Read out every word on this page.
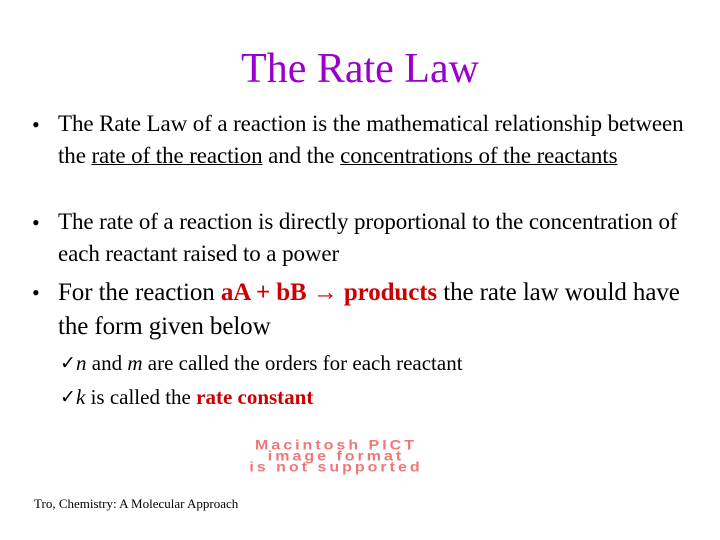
The Rate Law
• The Rate Law of a reaction is the mathematical relationship between the rate of the reaction and the concentrations of the reactants
• The rate of a reaction is directly proportional to the concentration of each reactant raised to a power
• For the reaction aA + bB → products the rate law would have the form given below
✓ n and m are called the orders for each reactant
✓ k is called the rate constant
Macintosh PICT
image format
is not supported
Tro, Chemistry: A Molecular Approach
